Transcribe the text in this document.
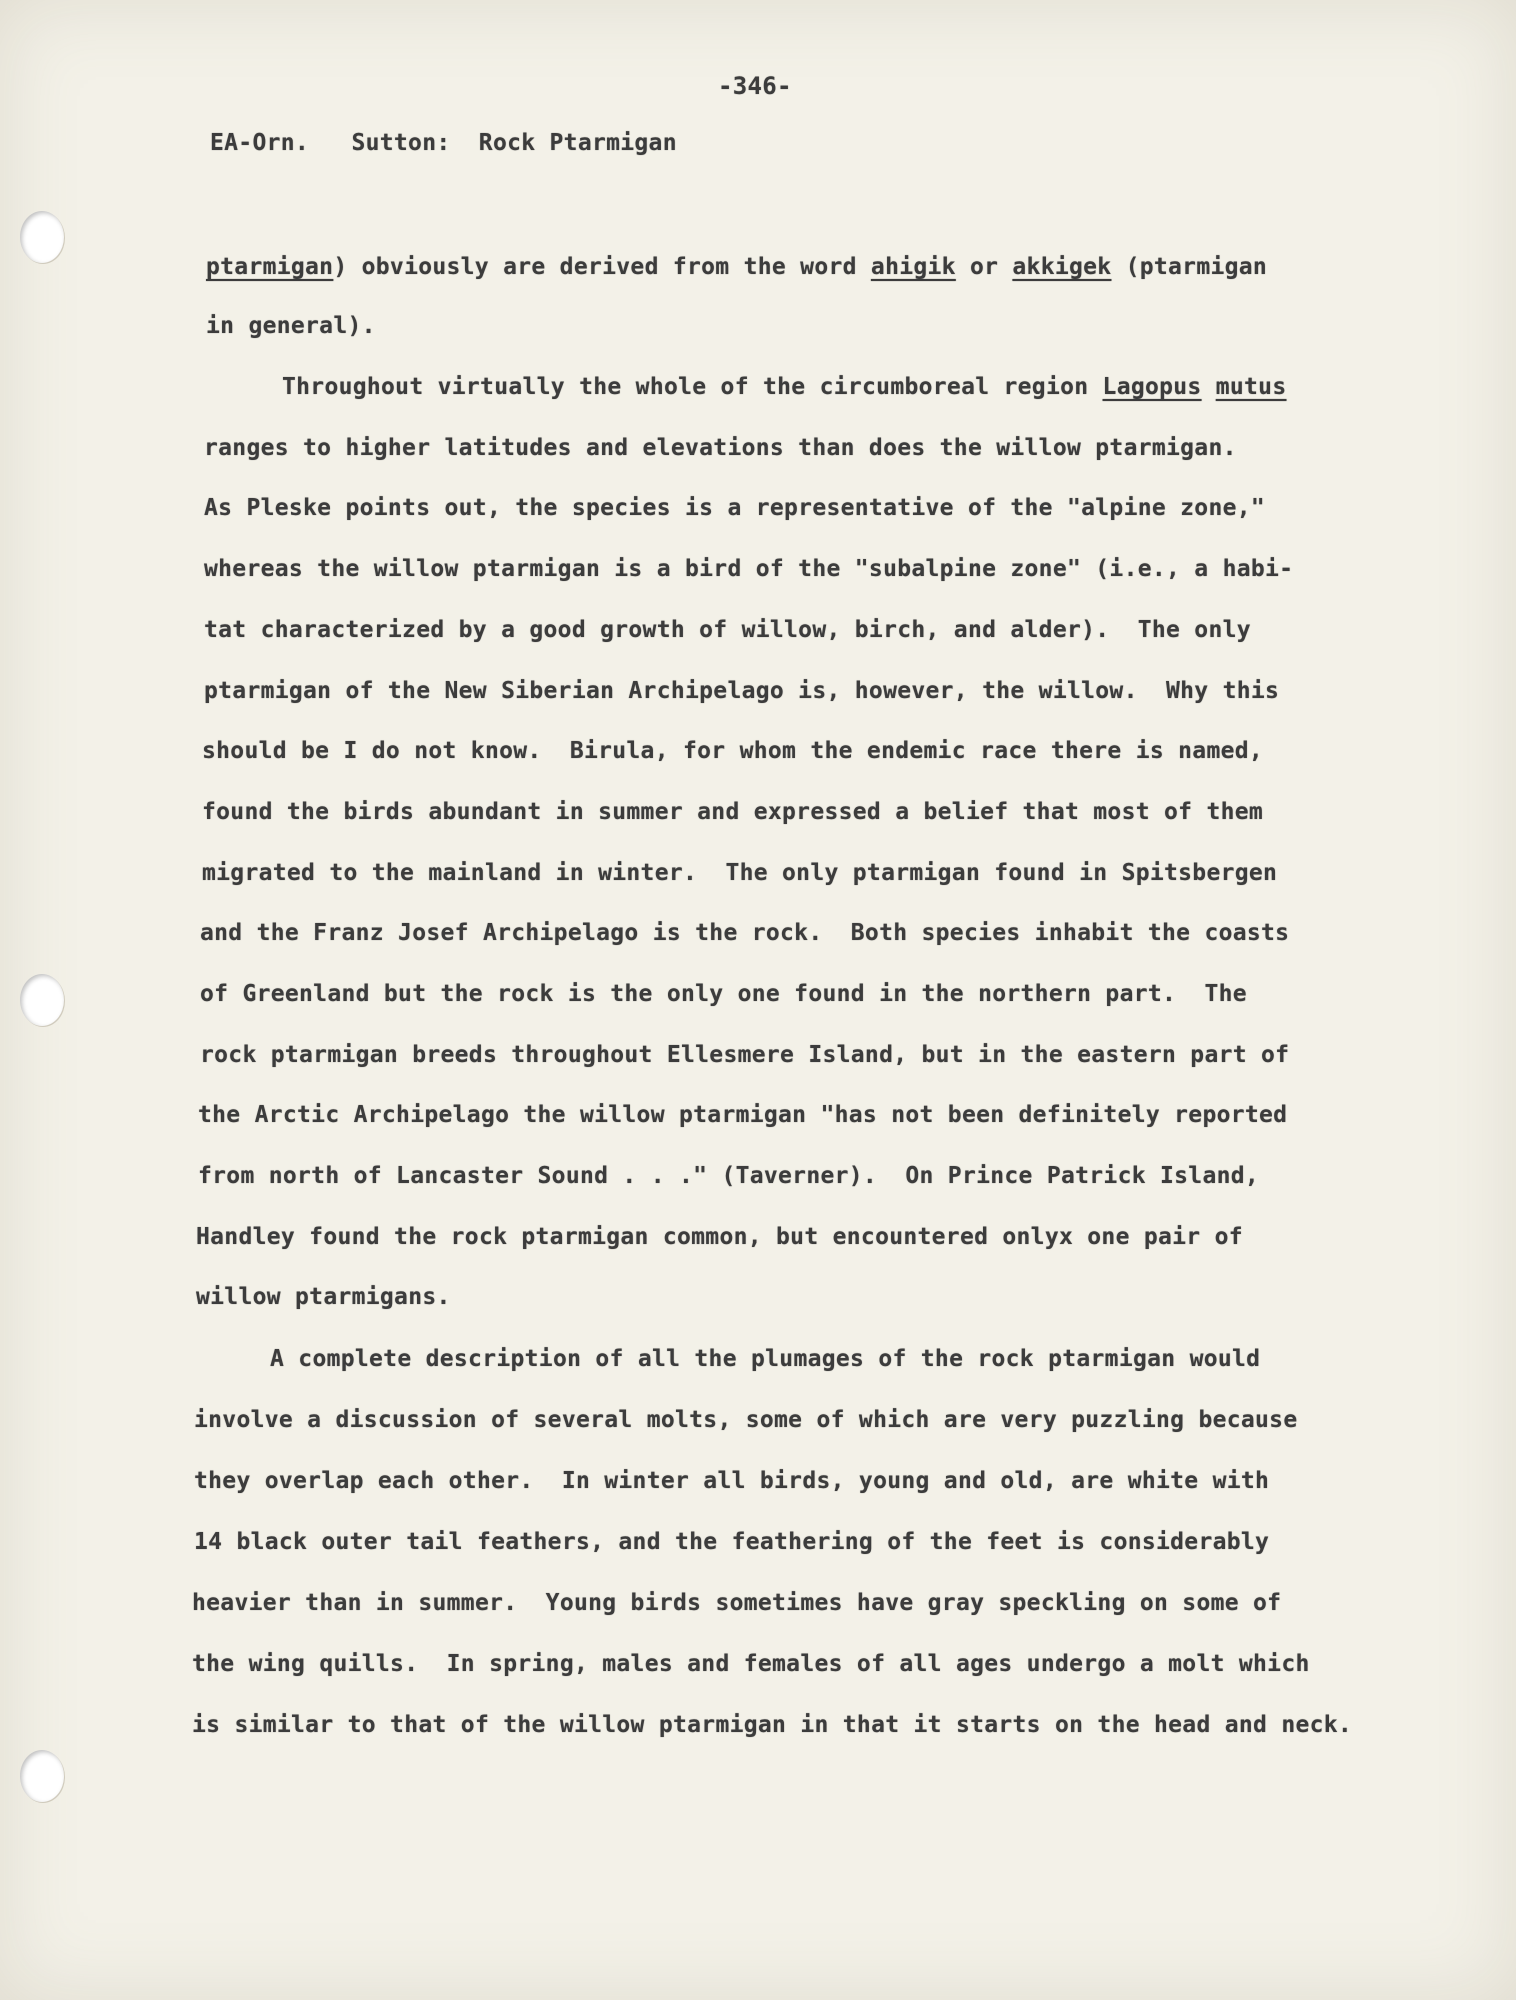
-346-
EA-Orn.   Sutton:  Rock Ptarmigan
ptarmigan) obviously are derived from the word ahigik or akkigek (ptarmigan
in general).
Throughout virtually the whole of the circumboreal region Lagopus mutus
ranges to higher latitudes and elevations than does the willow ptarmigan.
As Pleske points out, the species is a representative of the "alpine zone,"
whereas the willow ptarmigan is a bird of the "subalpine zone" (i.e., a habi-
tat characterized by a good growth of willow, birch, and alder).  The only
ptarmigan of the New Siberian Archipelago is, however, the willow.  Why this
should be I do not know.  Birula, for whom the endemic race there is named,
found the birds abundant in summer and expressed a belief that most of them
migrated to the mainland in winter.  The only ptarmigan found in Spitsbergen
and the Franz Josef Archipelago is the rock.  Both species inhabit the coasts
of Greenland but the rock is the only one found in the northern part.  The
rock ptarmigan breeds throughout Ellesmere Island, but in the eastern part of
the Arctic Archipelago the willow ptarmigan "has not been definitely reported
from north of Lancaster Sound . . ." (Taverner).  On Prince Patrick Island,
Handley found the rock ptarmigan common, but encountered onlyx one pair of
willow ptarmigans.
A complete description of all the plumages of the rock ptarmigan would
involve a discussion of several molts, some of which are very puzzling because
they overlap each other.  In winter all birds, young and old, are white with
14 black outer tail feathers, and the feathering of the feet is considerably
heavier than in summer.  Young birds sometimes have gray speckling on some of
the wing quills.  In spring, males and females of all ages undergo a molt which
is similar to that of the willow ptarmigan in that it starts on the head and neck.
